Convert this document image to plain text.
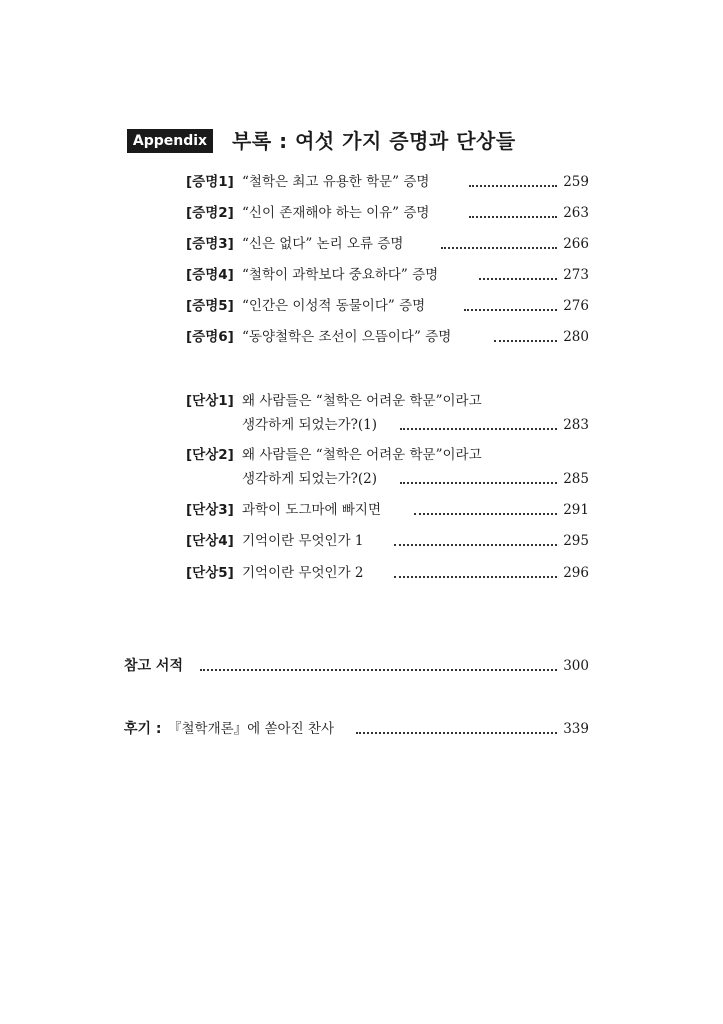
Appendix 부록 : 여섯 가지 증명과 단상들
[증명1] “철학은 최고 유용한 학문” 증명	259
[증명2] “신이 존재해야 하는 이유” 증명	263
[증명3] “신은 없다” 논리 오류 증명	266
[증명4] “철학이 과학보다 중요하다” 증명	273
[증명5] “인간은 이성적 동물이다” 증명	276
[증명6] “동양철학은 조선이 으뜸이다” 증명	280
[단상1] 왜 사람들은 “철학은 어려운 학문”이라고
생각하게 되었는가?(1)	283
[단상2] 왜 사람들은 “철학은 어려운 학문”이라고
생각하게 되었는가?(2)	285
[단상3] 과학이 도그마에 빠지면	291
[단상4] 기억이란 무엇인가 1	295
[단상5] 기억이란 무엇인가 2	296
참고 서적	300
후기 : 『철학개론』에 쏟아진 찬사	339
